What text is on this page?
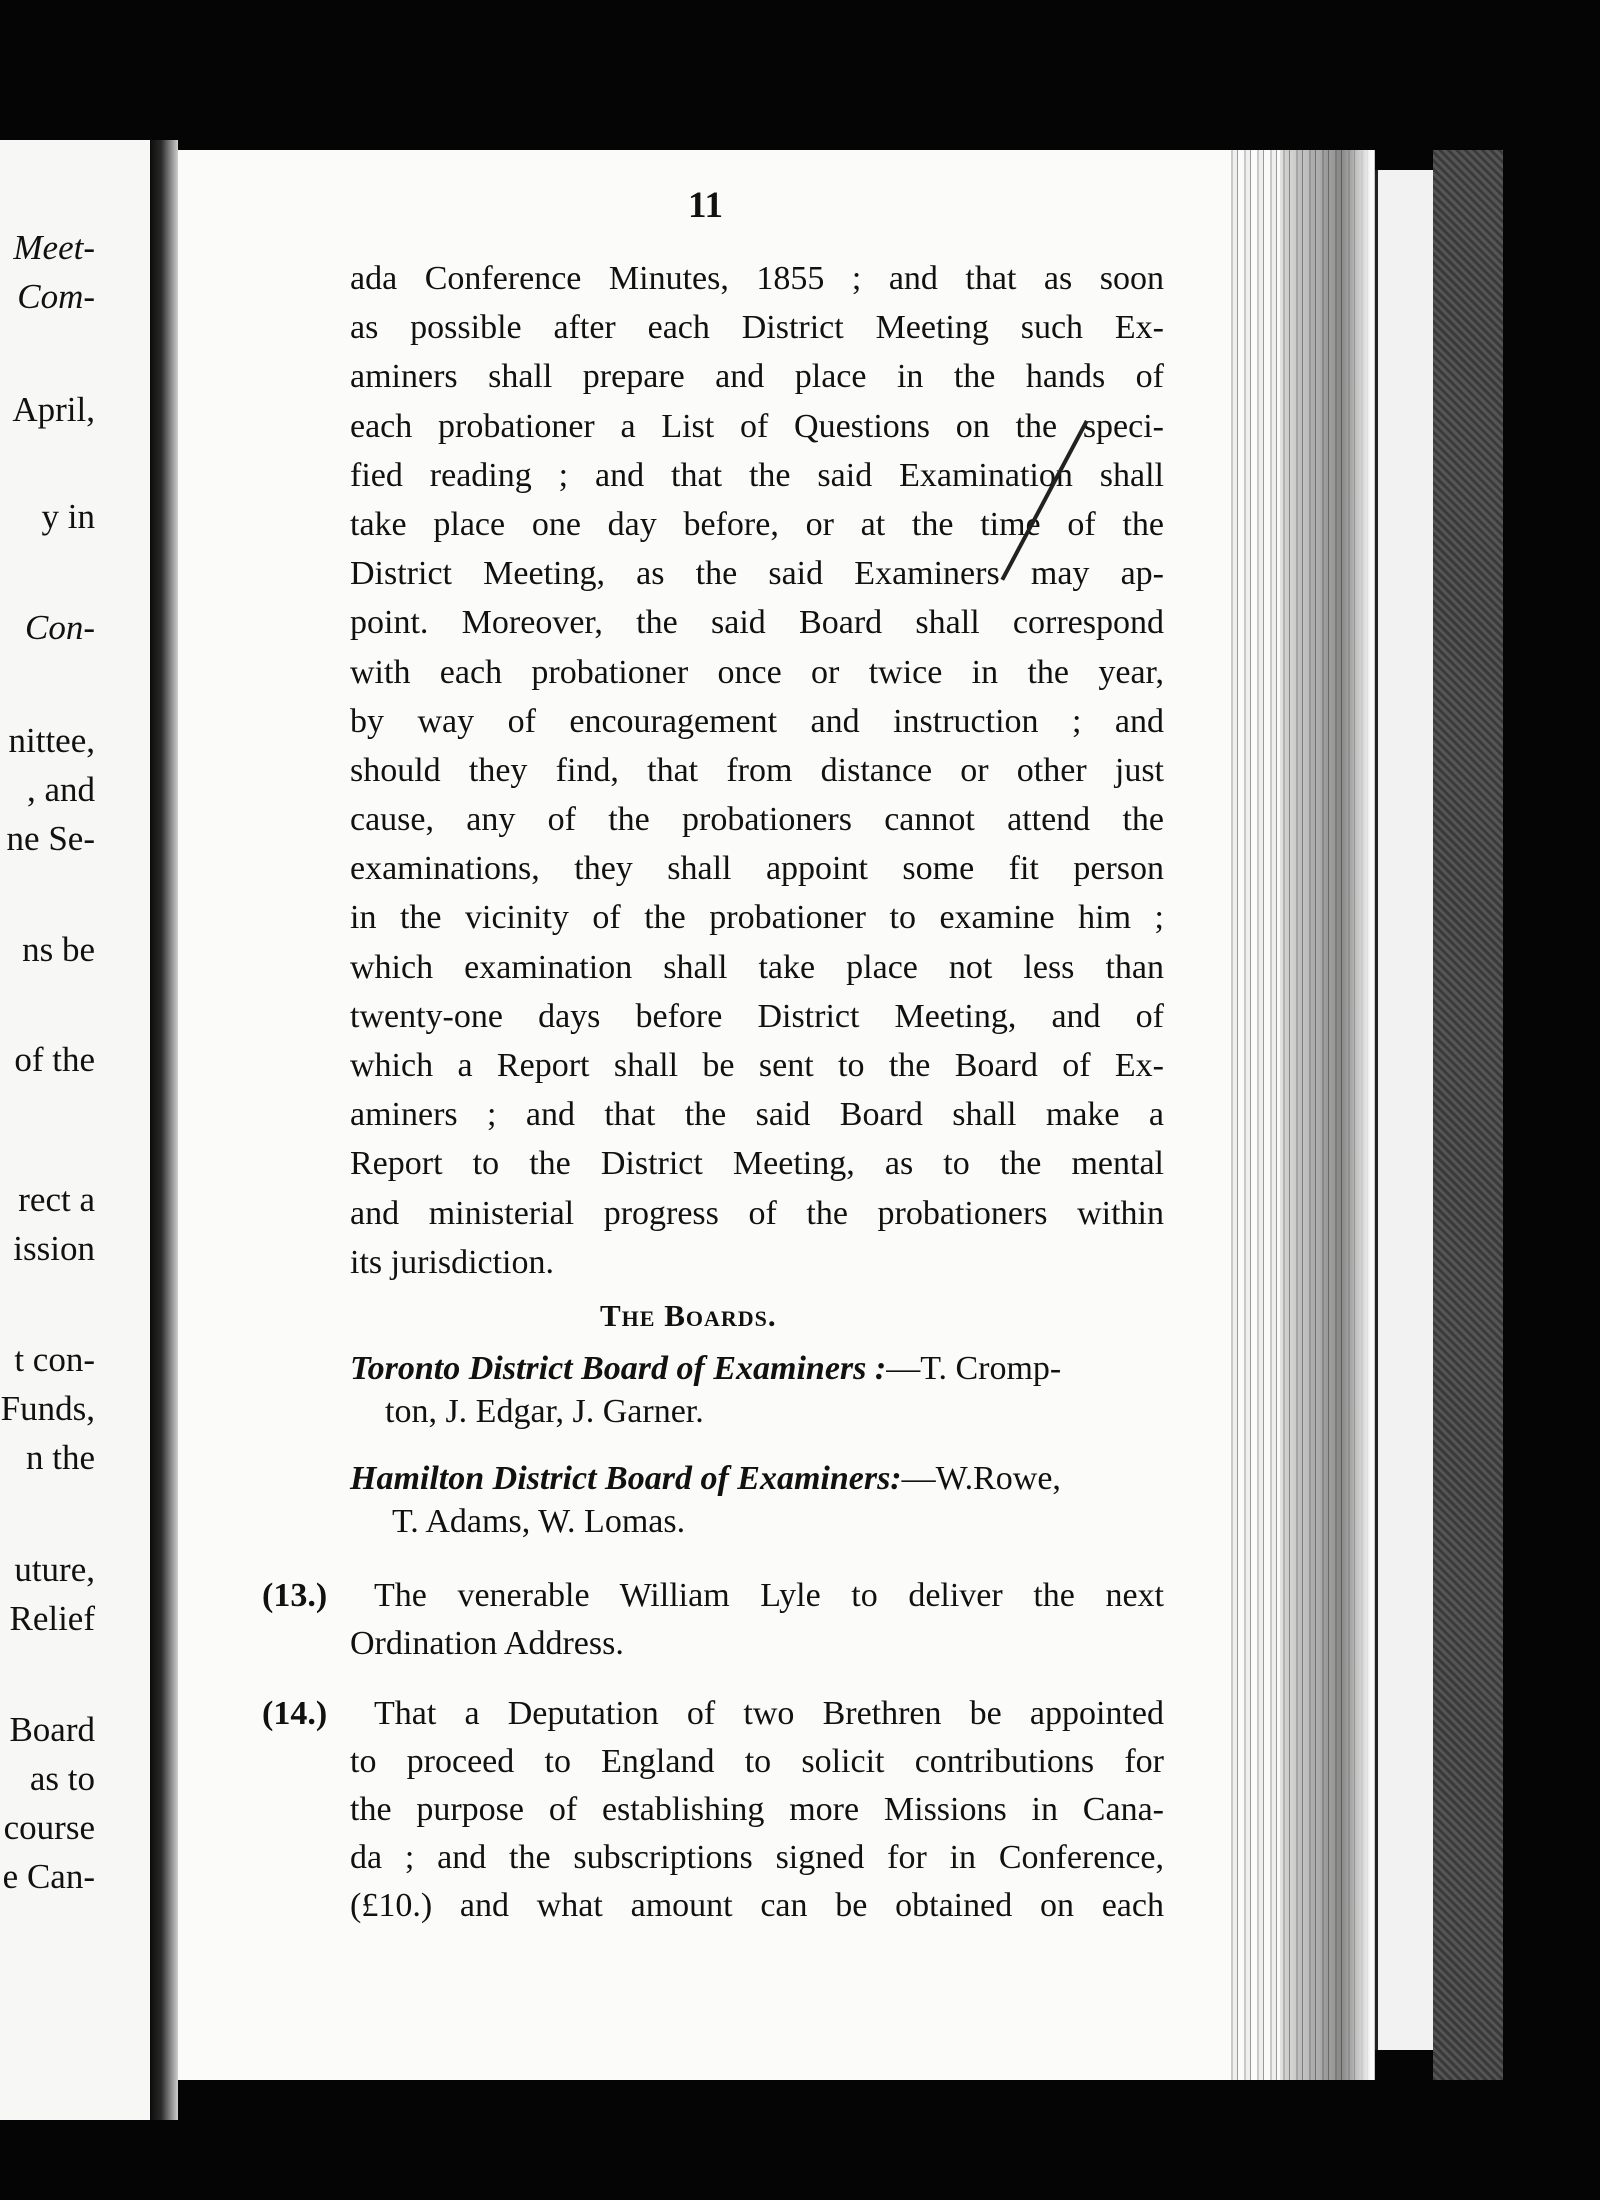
Meet-
Com-
April,
y in
Con-
nittee,
, and
ne Se-
ns be
of the
rect a
ission
t con-
Funds,
n the
uture,
Relief
Board
as to
course
e Can-
11
ada Conference Minutes, 1855 ; and that as soon
as possible after each District Meeting such Ex-
aminers shall prepare and place in the hands of
each probationer a List of Questions on the speci-
fied reading ; and that the said Examination shall
take place one day before, or at the time of the
District Meeting, as the said Examiners may ap-
point. Moreover, the said Board shall correspond
with each probationer once or twice in the year,
by way of encouragement and instruction ; and
should they find, that from distance or other just
cause, any of the probationers cannot attend the
examinations, they shall appoint some fit person
in the vicinity of the probationer to examine him ;
which examination shall take place not less than
twenty-one days before District Meeting, and of
which a Report shall be sent to the Board of Ex-
aminers ; and that the said Board shall make a
Report to the District Meeting, as to the mental
and ministerial progress of the probationers within
its jurisdiction.
The Boards.
Toronto District Board of Examiners :—T. Cromp-
ton, J. Edgar, J. Garner.
Hamilton District Board of Examiners:—W.Rowe,
T. Adams, W. Lomas.
(13.) The venerable William Lyle to deliver the next
Ordination Address.
(14.) That a Deputation of two Brethren be appointed
to proceed to England to solicit contributions for
the purpose of establishing more Missions in Cana-
da ; and the subscriptions signed for in Conference,
(£10.) and what amount can be obtained on each
